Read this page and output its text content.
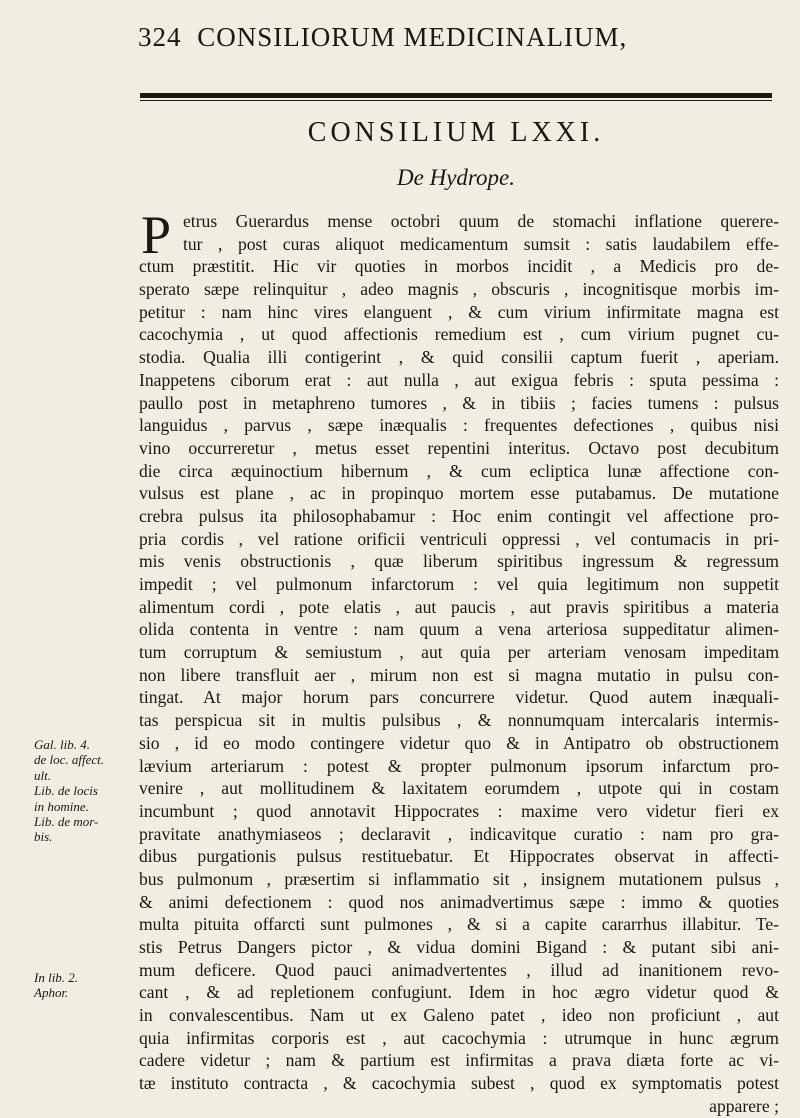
324 CONSILIORUM MEDICINALIUM,
CONSILIUM LXXI.
De Hydrope.
P etrus Guerardus mense octobri quum de stomachi inflatione querere-
tur , post curas aliquot medicamentum sumsit : satis laudabilem effe-
ctum præstitit. Hic vir quoties in morbos incidit , a Medicis pro de-
sperato sæpe relinquitur , adeo magnis , obscuris , incognitisque morbis im-
petitur : nam hinc vires elanguent , & cum virium infirmitate magna est
cacochymia , ut quod affectionis remedium est , cum virium pugnet cu-
stodia. Qualia illi contigerint , & quid consilii captum fuerit , aperiam.
Inappetens ciborum erat : aut nulla , aut exigua febris : sputa pessima :
paullo post in metaphreno tumores , & in tibiis ; facies tumens : pulsus
languidus , parvus , sæpe inæqualis : frequentes defectiones , quibus nisi
vino occurreretur , metus esset repentini interitus. Octavo post decubitum
die circa æquinoctium hibernum , & cum ecliptica lunæ affectione con-
vulsus est plane , ac in propinquo mortem esse putabamus. De mutatione
crebra pulsus ita philosophabamur : Hoc enim contingit vel affectione pro-
pria cordis , vel ratione orificii ventriculi oppressi , vel contumacis in pri-
mis venis obstructionis , quæ liberum spiritibus ingressum & regressum
impedit ; vel pulmonum infarctorum : vel quia legitimum non suppetit
alimentum cordi , pote elatis , aut paucis , aut pravis spiritibus a materia
olida contenta in ventre : nam quum a vena arteriosa suppeditatur alimen-
tum corruptum & semiustum , aut quia per arteriam venosam impeditam
non libere transfluit aer , mirum non est si magna mutatio in pulsu con-
tingat. At major horum pars concurrere videtur. Quod autem inæquali-
tas perspicua sit in multis pulsibus , & nonnumquam intercalaris intermis-
sio , id eo modo contingere videtur quo & in Antipatro ob obstructionem
lævium arteriarum : potest & propter pulmonum ipsorum infarctum pro-
venire , aut mollitudinem & laxitatem eorumdem , utpote qui in costam
incumbunt ; quod annotavit Hippocrates : maxime vero videtur fieri ex
pravitate anathymiaseos ; declaravit , indicavitque curatio : nam pro gra-
dibus purgationis pulsus restituebatur. Et Hippocrates observat in affecti-
bus pulmonum , præsertim si inflammatio sit , insignem mutationem pulsus ,
& animi defectionem : quod nos animadvertimus sæpe : immo & quoties
multa pituita offarcti sunt pulmones , & si a capite cararrhus illabitur. Te-
stis Petrus Dangers pictor , & vidua domini Bigand : & putant sibi ani-
mum deficere. Quod pauci animadvertentes , illud ad inanitionem revo-
cant , & ad repletionem confugiunt. Idem in hoc ægro videtur quod &
in convalescentibus. Nam ut ex Galeno patet , ideo non proficiunt , aut
quia infirmitas corporis est , aut cacochymia : utrumque in hunc ægrum
cadere videtur ; nam & partium est infirmitas a prava diæta forte ac vi-
tæ instituto contracta , & cacochymia subest , quod ex symptomatis potest
apparere ;
Gal. lib. 4.
de loc. affect.
ult.
Lib. de locis
in homine.
Lib. de mor-
bis.
In lib. 2.
Aphor.
